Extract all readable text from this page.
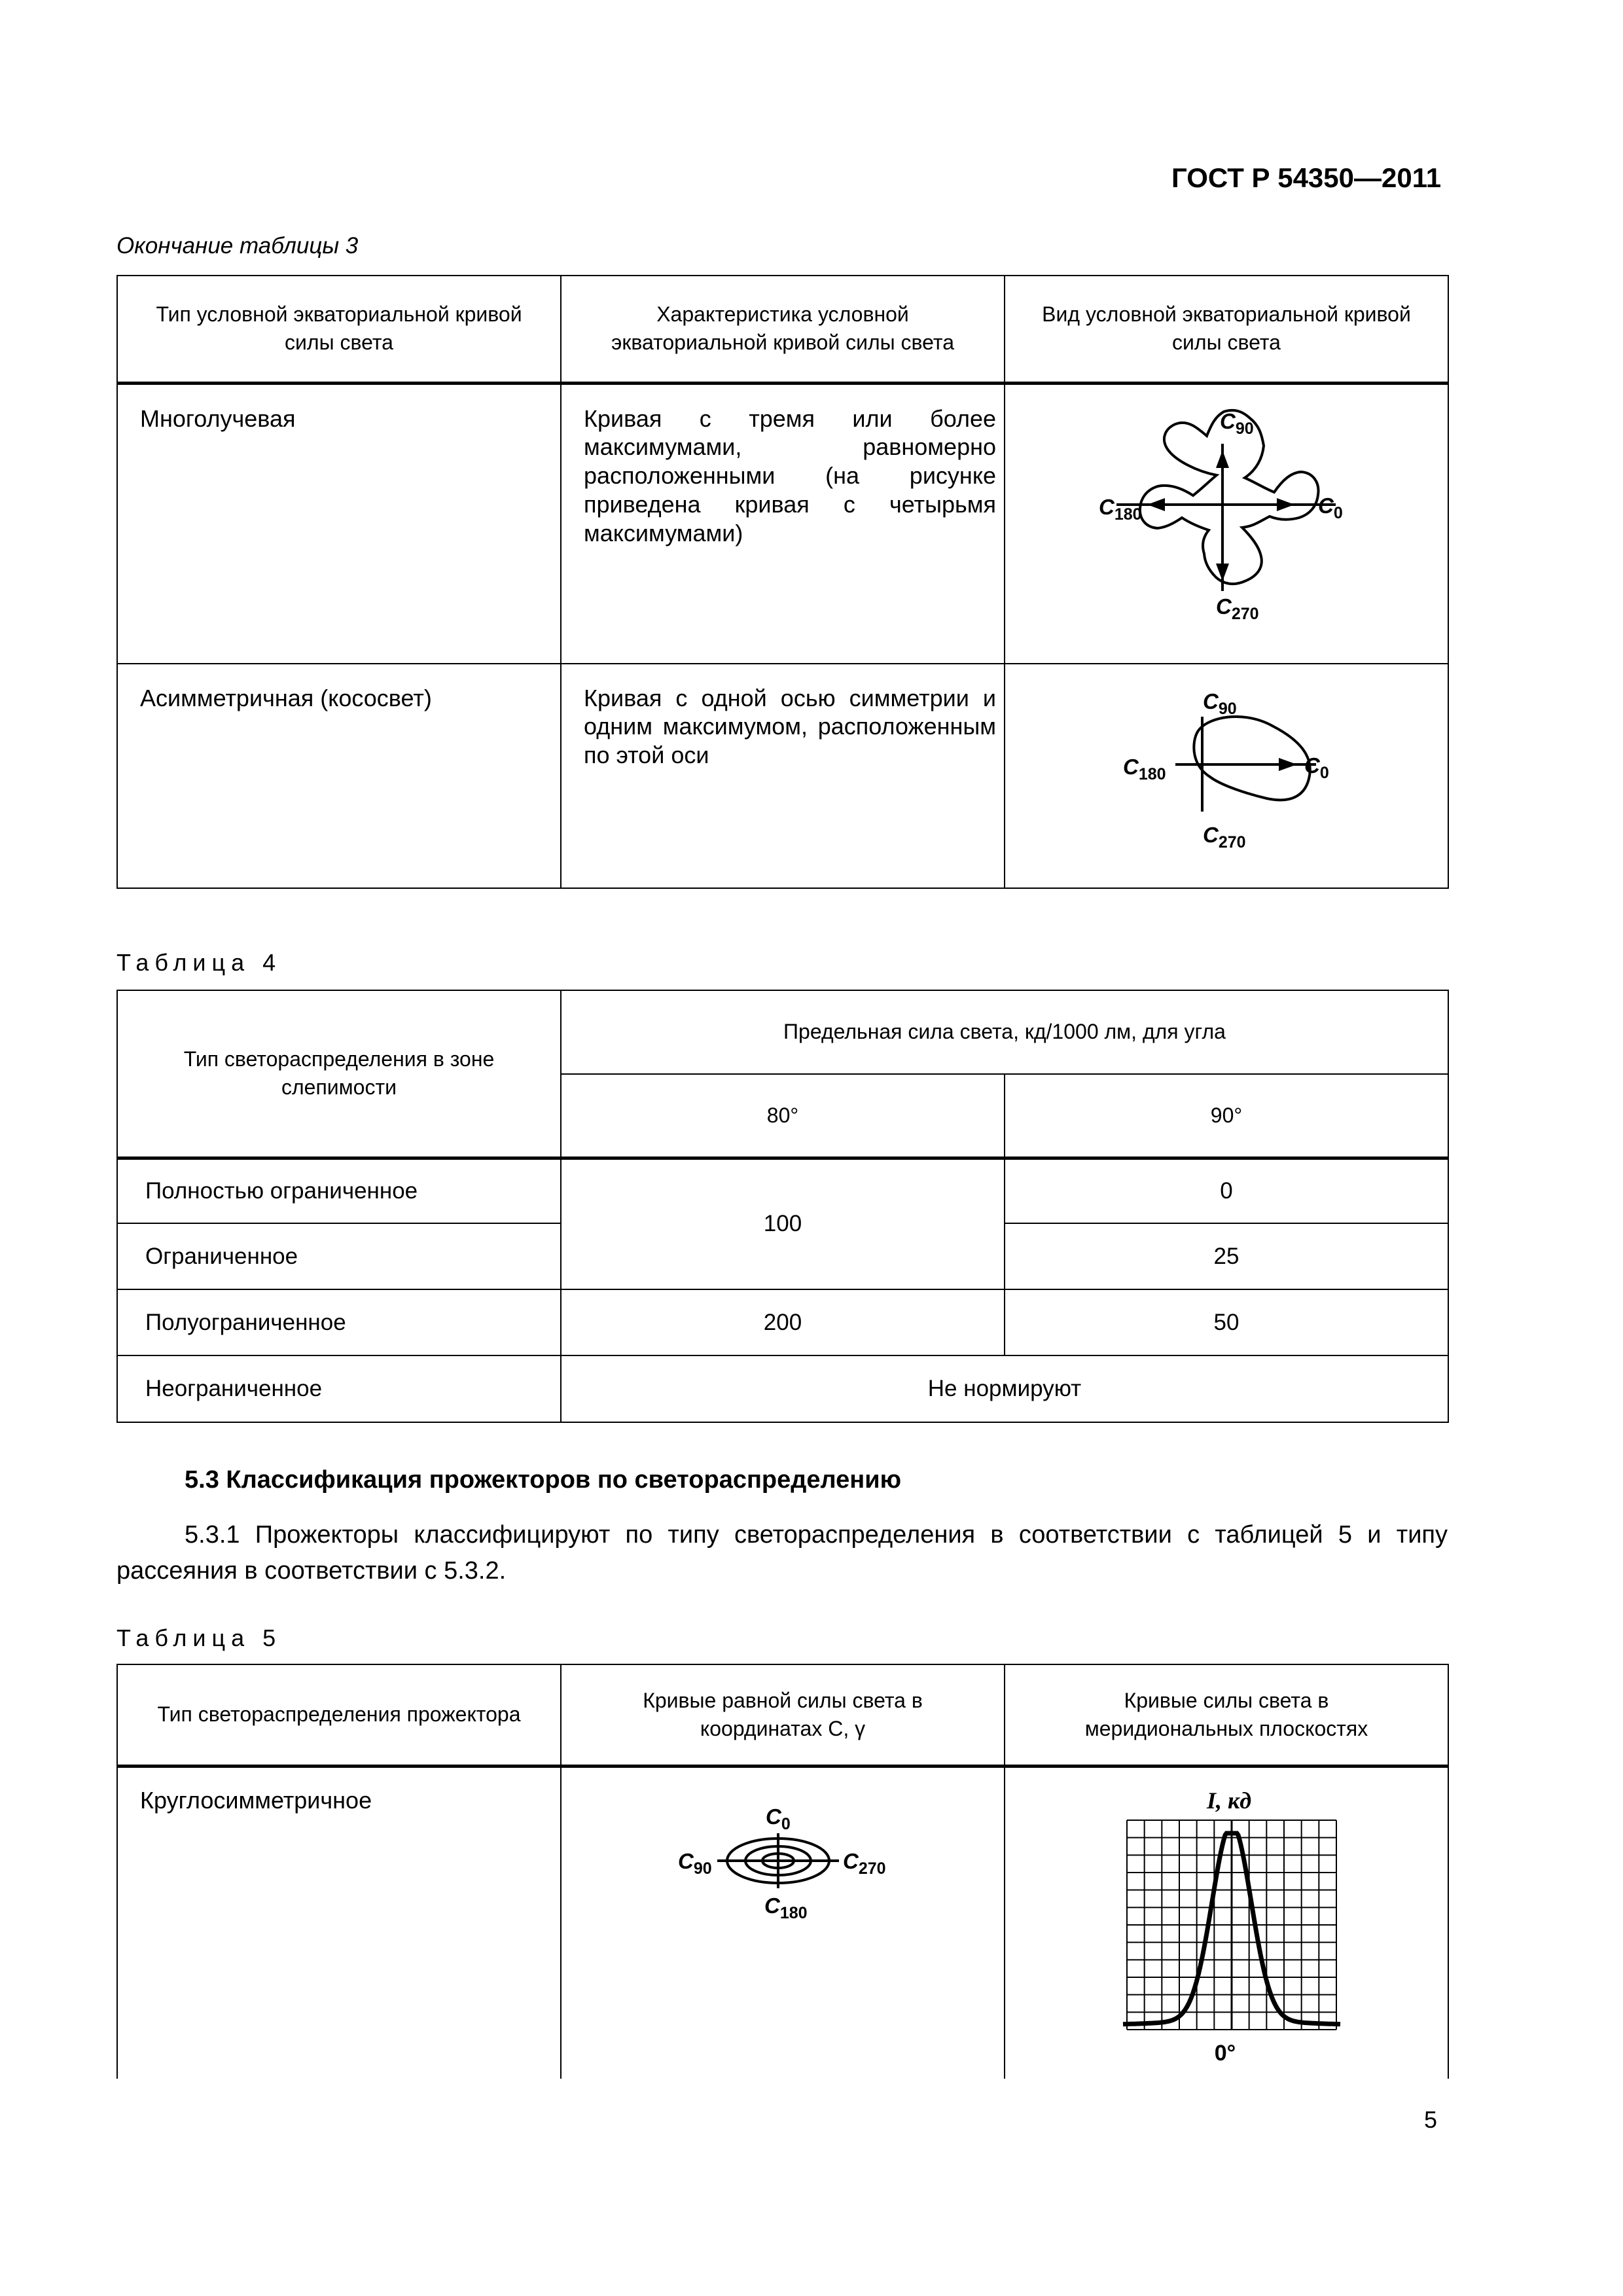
ГОСТ Р 54350—2011
Окончание таблицы 3
Тип условной экваториальной кривой силы света	Характеристика условной экваториальной кривой силы света	Вид условной экваториальной кривой силы света
Многолучевая	Кривая с тремя или более максимумами, равномерно расположенными (на рисунке приведена кривая с четырьмя максимумами)	C90
C180 C0
C270

Асимметричная (кососвет)	Кривая с одной осью симметрии и одним максимумом, расположенным по этой оси	C90
C180 C0
C270
Таблица 4
Тип светораспределения в зоне слепимости	Предельная сила света, кд/1000 лм, для угла	
	80°	90°
Полностью ограниченное	100	0
Ограниченное		25
Полуограниченное	200	50
Неограниченное	Не нормируют	
5.3 Классификация прожекторов по светораспределению
5.3.1 Прожекторы классифицируют по типу светораспределения в соответствии с таблицей 5 и типу рассеяния в соответствии с 5.3.2.
Таблица 5
Тип светораспределения прожектора	Кривые равной силы света в координатах C, γ	Кривые силы света в меридиональных плоскостях
Круглосимметричное	C0
C90 C270
C180	I, кд
0°
5
